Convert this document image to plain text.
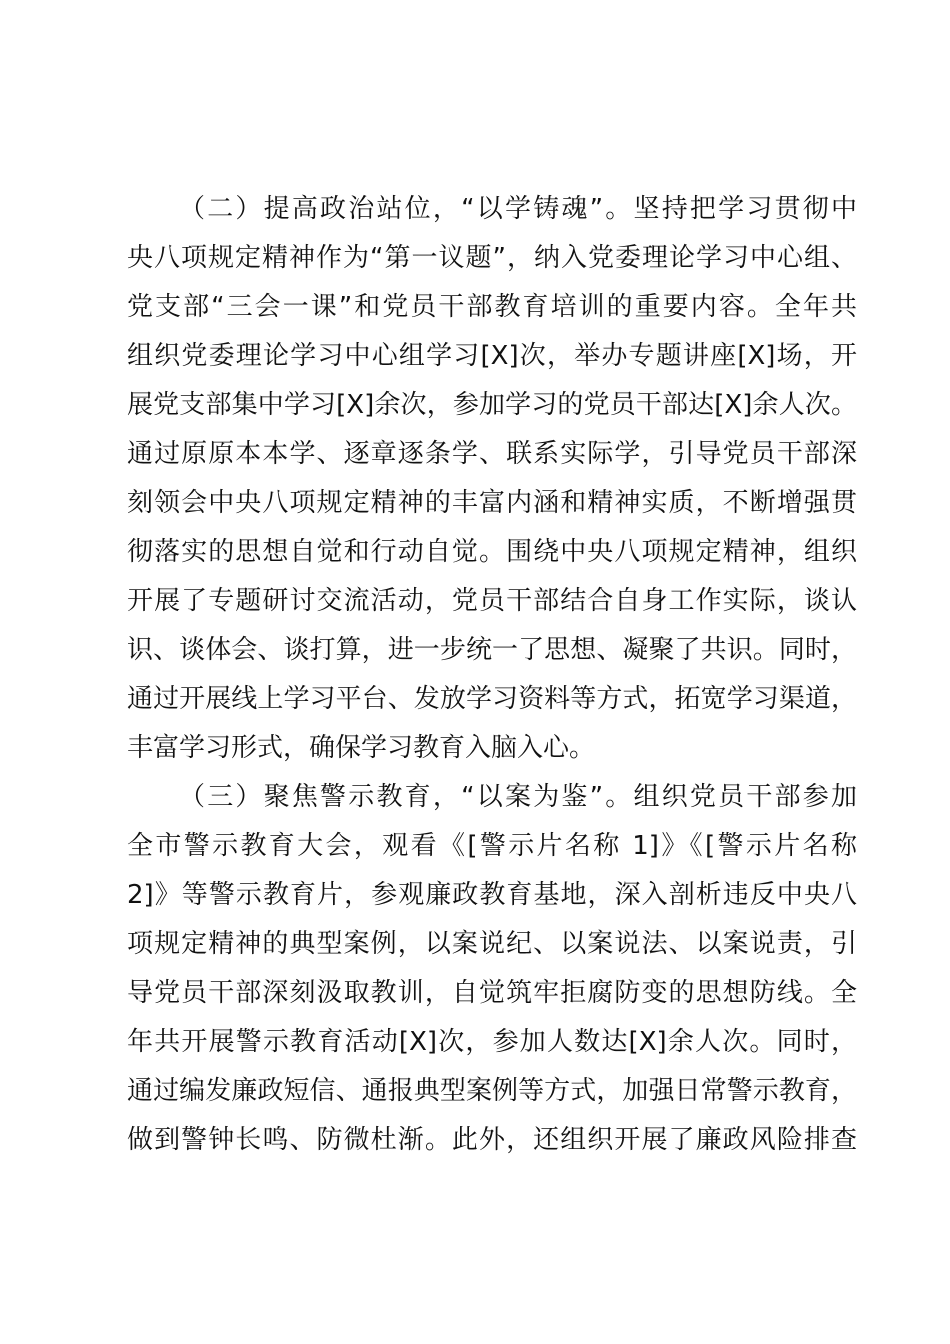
（二）提高政治站位，“以学铸魂”。坚持把学习贯彻中
央八项规定精神作为“第一议题”，纳入党委理论学习中心组、
党支部“三会一课”和党员干部教育培训的重要内容。全年共
组织党委理论学习中心组学习[X]次，举办专题讲座[X]场，开
展党支部集中学习[X]余次，参加学习的党员干部达[X]余人次。
通过原原本本学、逐章逐条学、联系实际学，引导党员干部深
刻领会中央八项规定精神的丰富内涵和精神实质，不断增强贯
彻落实的思想自觉和行动自觉。围绕中央八项规定精神，组织
开展了专题研讨交流活动，党员干部结合自身工作实际，谈认
识、谈体会、谈打算，进一步统一了思想、凝聚了共识。同时，
通过开展线上学习平台、发放学习资料等方式，拓宽学习渠道，
丰富学习形式，确保学习教育入脑入心。
（三）聚焦警示教育，“以案为鉴”。组织党员干部参加
全市警示教育大会，观看《[警示片名称 1]》《[警示片名称
2]》等警示教育片，参观廉政教育基地，深入剖析违反中央八
项规定精神的典型案例，以案说纪、以案说法、以案说责，引
导党员干部深刻汲取教训，自觉筑牢拒腐防变的思想防线。全
年共开展警示教育活动[X]次，参加人数达[X]余人次。同时，
通过编发廉政短信、通报典型案例等方式，加强日常警示教育，
做到警钟长鸣、防微杜渐。此外，还组织开展了廉政风险排查
